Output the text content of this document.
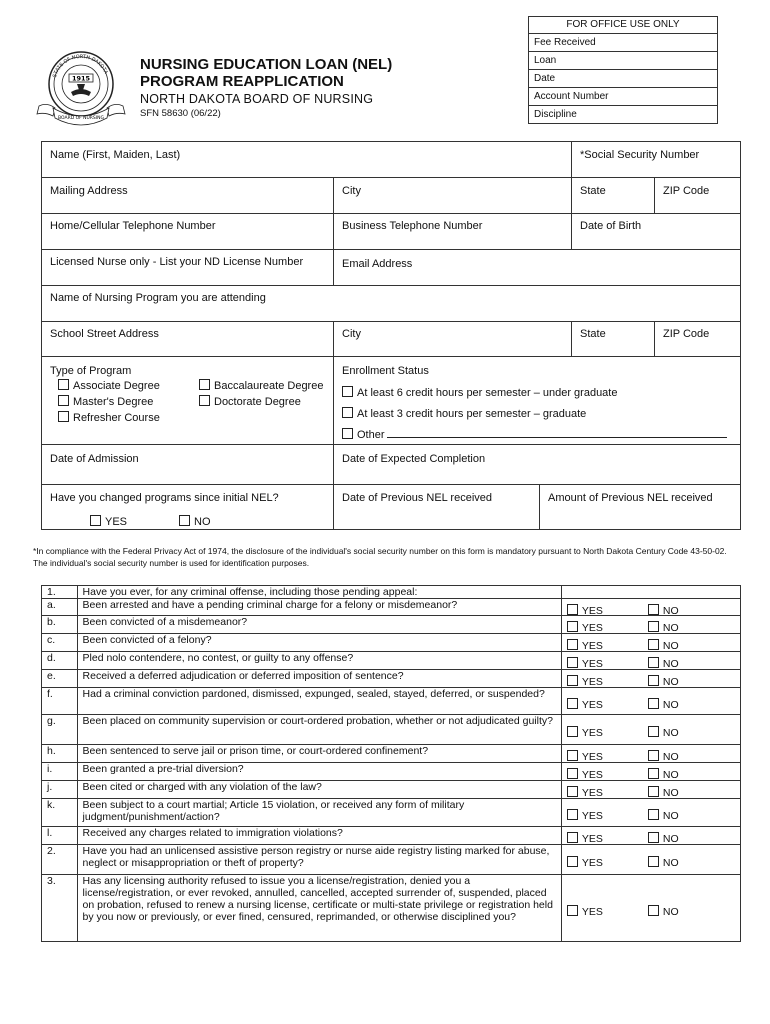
FOR OFFICE USE ONLY
Fee Received
Loan
Date
Account Number
Discipline
STATE OF NORTH DAKOTA
1915
BOARD OF NURSING
NURSING EDUCATION LOAN (NEL)
PROGRAM REAPPLICATION
NORTH DAKOTA BOARD OF NURSING
SFN 58630 (06/22)
Name (First, Maiden, Last)	*Social Security Number
Mailing Address	City	State	ZIP Code
Home/Cellular Telephone Number	Business Telephone Number	Date of Birth
Licensed Nurse only - List your ND License Number	Email Address
Name of Nursing Program you are attending
School Street Address	City	State	ZIP Code
Type of Program
Associate Degree	Baccalaureate Degree
Master's Degree	Doctorate Degree
Refresher Course
Enrollment Status
At least 6 credit hours per semester – under graduate
At least 3 credit hours per semester – graduate
Other
Date of Admission	Date of Expected Completion
Have you changed programs since initial NEL?
YES	NO
Date of Previous NEL received	Amount of Previous NEL received
*In compliance with the Federal Privacy Act of 1974, the disclosure of the individual's social security number on this form is mandatory pursuant to North Dakota Century Code 43-50-02. The individual's social security number is used for identification purposes.
1.	Have you ever, for any criminal offense, including those pending appeal:	
a.	Been arrested and have a pending criminal charge for a felony or misdemeanor?	YES NO

b.	Been convicted of a misdemeanor?	YES NO

c.	Been convicted of a felony?	YES NO

d.	Pled nolo contendere, no contest, or guilty to any offense?	YES NO

e.	Received a deferred adjudication or deferred imposition of sentence?	YES NO

f.	Had a criminal conviction pardoned, dismissed, expunged, sealed, stayed, deferred, or suspended?	YES NO

g.	Been placed on community supervision or court-ordered probation, whether or not adjudicated guilty?	YES NO

h.	Been sentenced to serve jail or prison time, or court-ordered confinement?	YES NO

i.	Been granted a pre-trial diversion?	YES NO

j.	Been cited or charged with any violation of the law?	YES NO

k.	Been subject to a court martial; Article 15 violation, or received any form of military judgment/punishment/action?	YES NO

l.	Received any charges related to immigration violations?	YES NO

2.	Have you had an unlicensed assistive person registry or nurse aide registry listing marked for abuse, neglect or misappropriation or theft of property?	YES NO

3.	Has any licensing authority refused to issue you a license/registration, denied you a license/registration, or ever revoked, annulled, cancelled, accepted surrender of, suspended, placed on probation, refused to renew a nursing license, certificate or multi-state privilege or registration held by you now or previously, or ever fined, censured, reprimanded, or otherwise disciplined you?	YES NO
